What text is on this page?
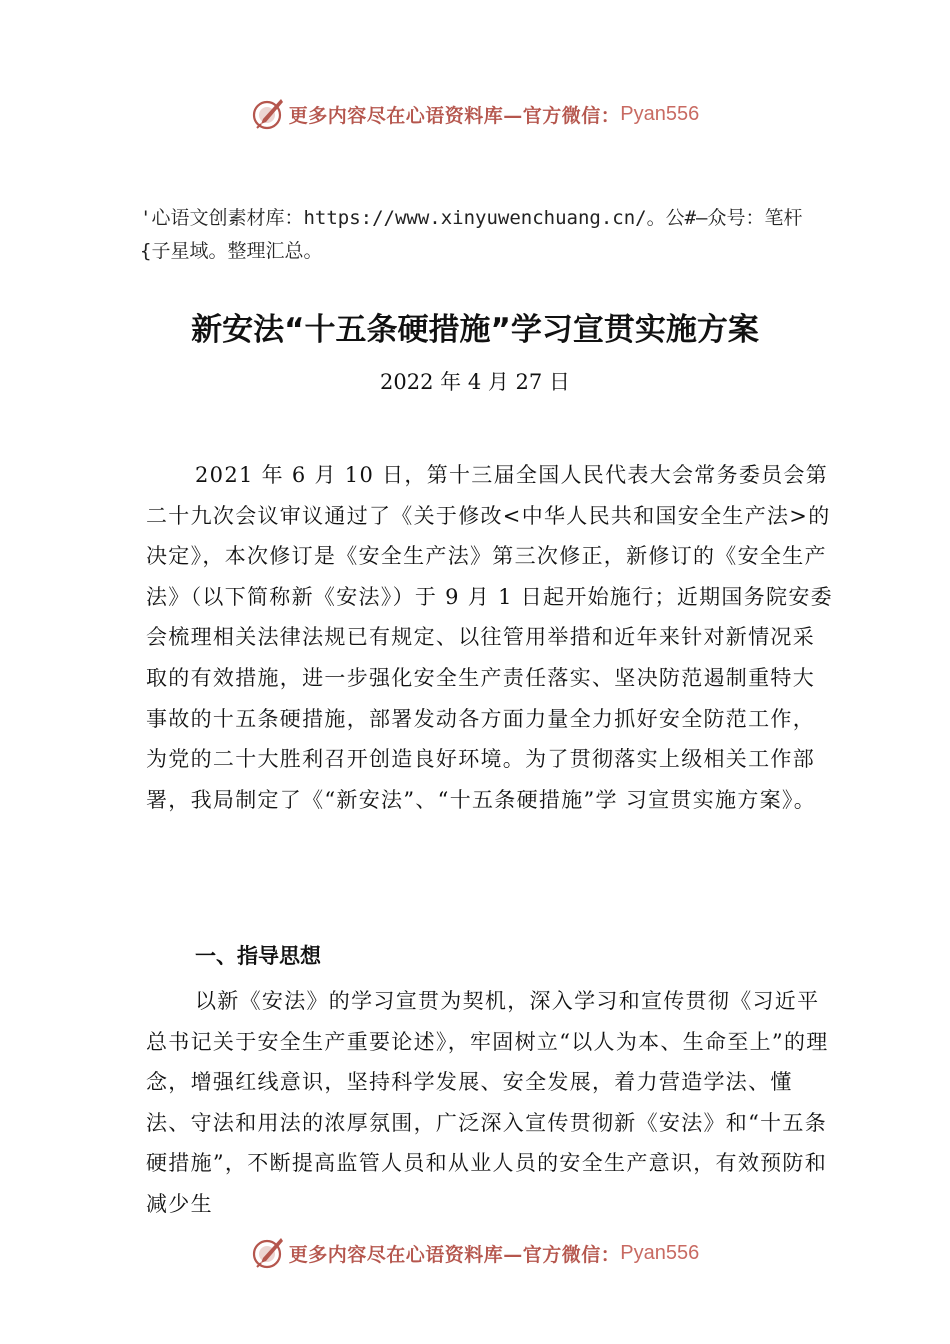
更多内容尽在心语资料库—官方微信： Pyan556
'心语文创素材库：https://www.xinyuwenchuang.cn/。公#—众号：笔杆{子星域。整理汇总。
新安法“十五条硬措施”学习宣贯实施方案
2022 年 4 月 27 日
2021 年 6 月 10 日，第十三届全国人民代表大会常务委员会第二十九次会议审议通过了《关于修改<中华人民共和国安全生产法>的决定》，本次修订是《安全生产法》第三次修正，新修订的《安全生产法》（以下简称新《安法》）于 9 月 1 日起开始施行；近期国务院安委会梳理相关法律法规已有规定、以往管用举措和近年来针对新情况采取的有效措施，进一步强化安全生产责任落实、坚决防范遏制重特大事故的十五条硬措施，部署发动各方面力量全力抓好安全防范工作，为党的二十大胜利召开创造良好环境。为了贯彻落实上级相关工作部署，我局制定了《“新安法”、“十五条硬措施”学 习宣贯实施方案》。
一、指导思想
以新《安法》的学习宣贯为契机，深入学习和宣传贯彻《习近平总书记关于安全生产重要论述》，牢固树立“以人为本、生命至上”的理念，增强红线意识，坚持科学发展、安全发展，着力营造学法、懂法、守法和用法的浓厚氛围，广泛深入宣传贯彻新《安法》和“十五条硬措施”，不断提高监管人员和从业人员的安全生产意识，有效预防和减少生
更多内容尽在心语资料库—官方微信： Pyan556
